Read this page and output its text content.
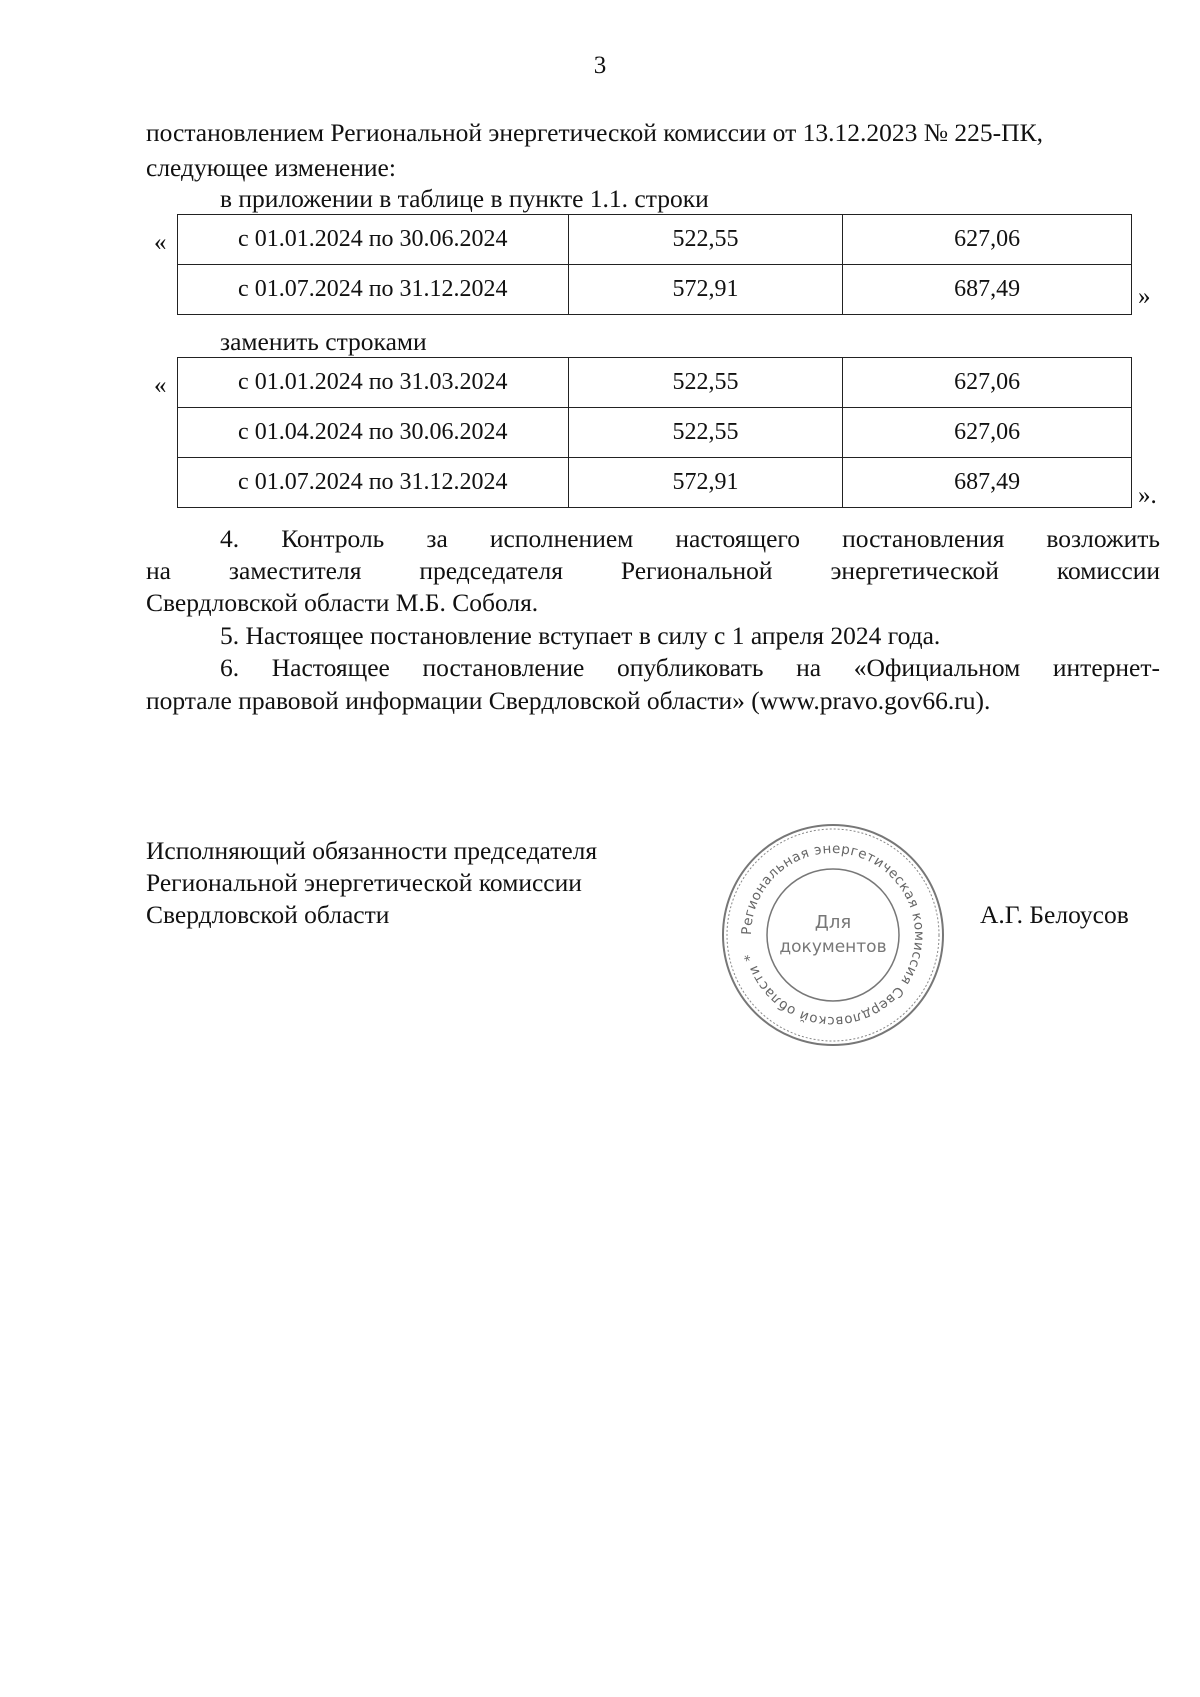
3
постановлением Региональной энергетической комиссии от 13.12.2023 № 225-ПК,
следующее изменение:
в приложении в таблице в пункте 1.1. строки
«	с 01.01.2024 по 30.06.2024	522,55	627,06
с 01.07.2024 по 31.12.2024	572,91	687,49	»
заменить строками
«	с 01.01.2024 по 31.03.2024	522,55	627,06
с 01.04.2024 по 30.06.2024	522,55	627,06
с 01.07.2024 по 31.12.2024	572,91	687,49	».
4. Контроль за исполнением настоящего постановления возложить
на заместителя председателя Региональной энергетической комиссии
Свердловской области М.Б. Соболя.
5. Настоящее постановление вступает в силу с 1 апреля 2024 года.
6. Настоящее постановление опубликовать на «Официальном интернет-
портале правовой информации Свердловской области» (www.pravo.gov66.ru).
Исполняющий обязанности председателя
Региональной энергетической комиссии
Свердловской области	А.Г. Белоусов
Региональная энергетическая комиссия Свердловской области *
Для
документов
